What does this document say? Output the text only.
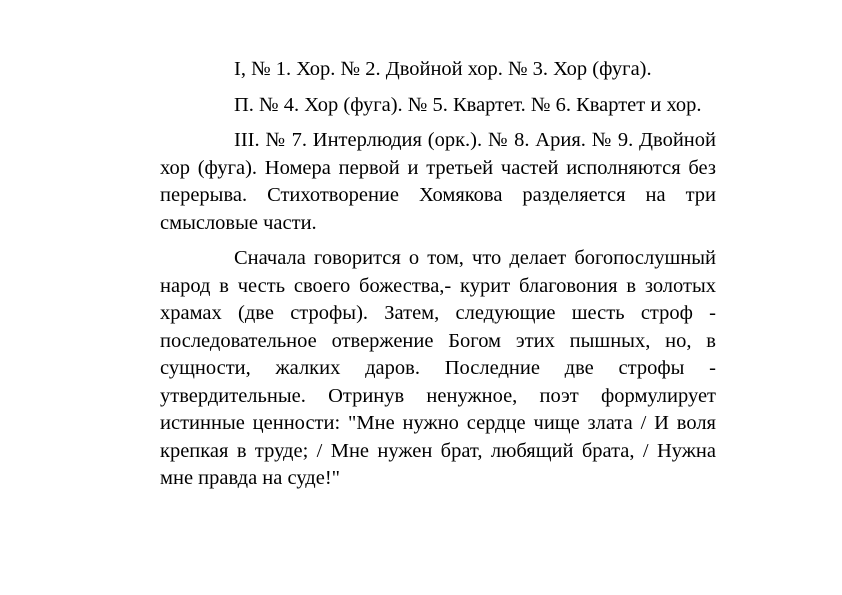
I, № 1. Хор. № 2. Двойной хор. № 3. Хор (фуга).

П. № 4. Хор (фуга). № 5. Квартет. № 6. Квартет и хор.

III. № 7. Интерлюдия (орк.). № 8. Ария. № 9. Двойной хор (фуга). Номера первой и третьей частей исполняются без перерыва. Стихотворение Хомякова разделяется на три смысловые части.

Сначала говорится о том, что делает богопослушный народ в честь своего божества,- курит благовония в золотых храмах (две строфы). Затем, следующие шесть строф - последовательное отвержение Богом этих пышных, но, в сущности, жалких даров. Последние две строфы - утвердительные. Отринув ненужное, поэт формулирует истинные ценности: "Мне нужно сердце чище злата / И воля крепкая в труде; / Мне нужен брат, любящий брата, / Нужна мне правда на суде!"
